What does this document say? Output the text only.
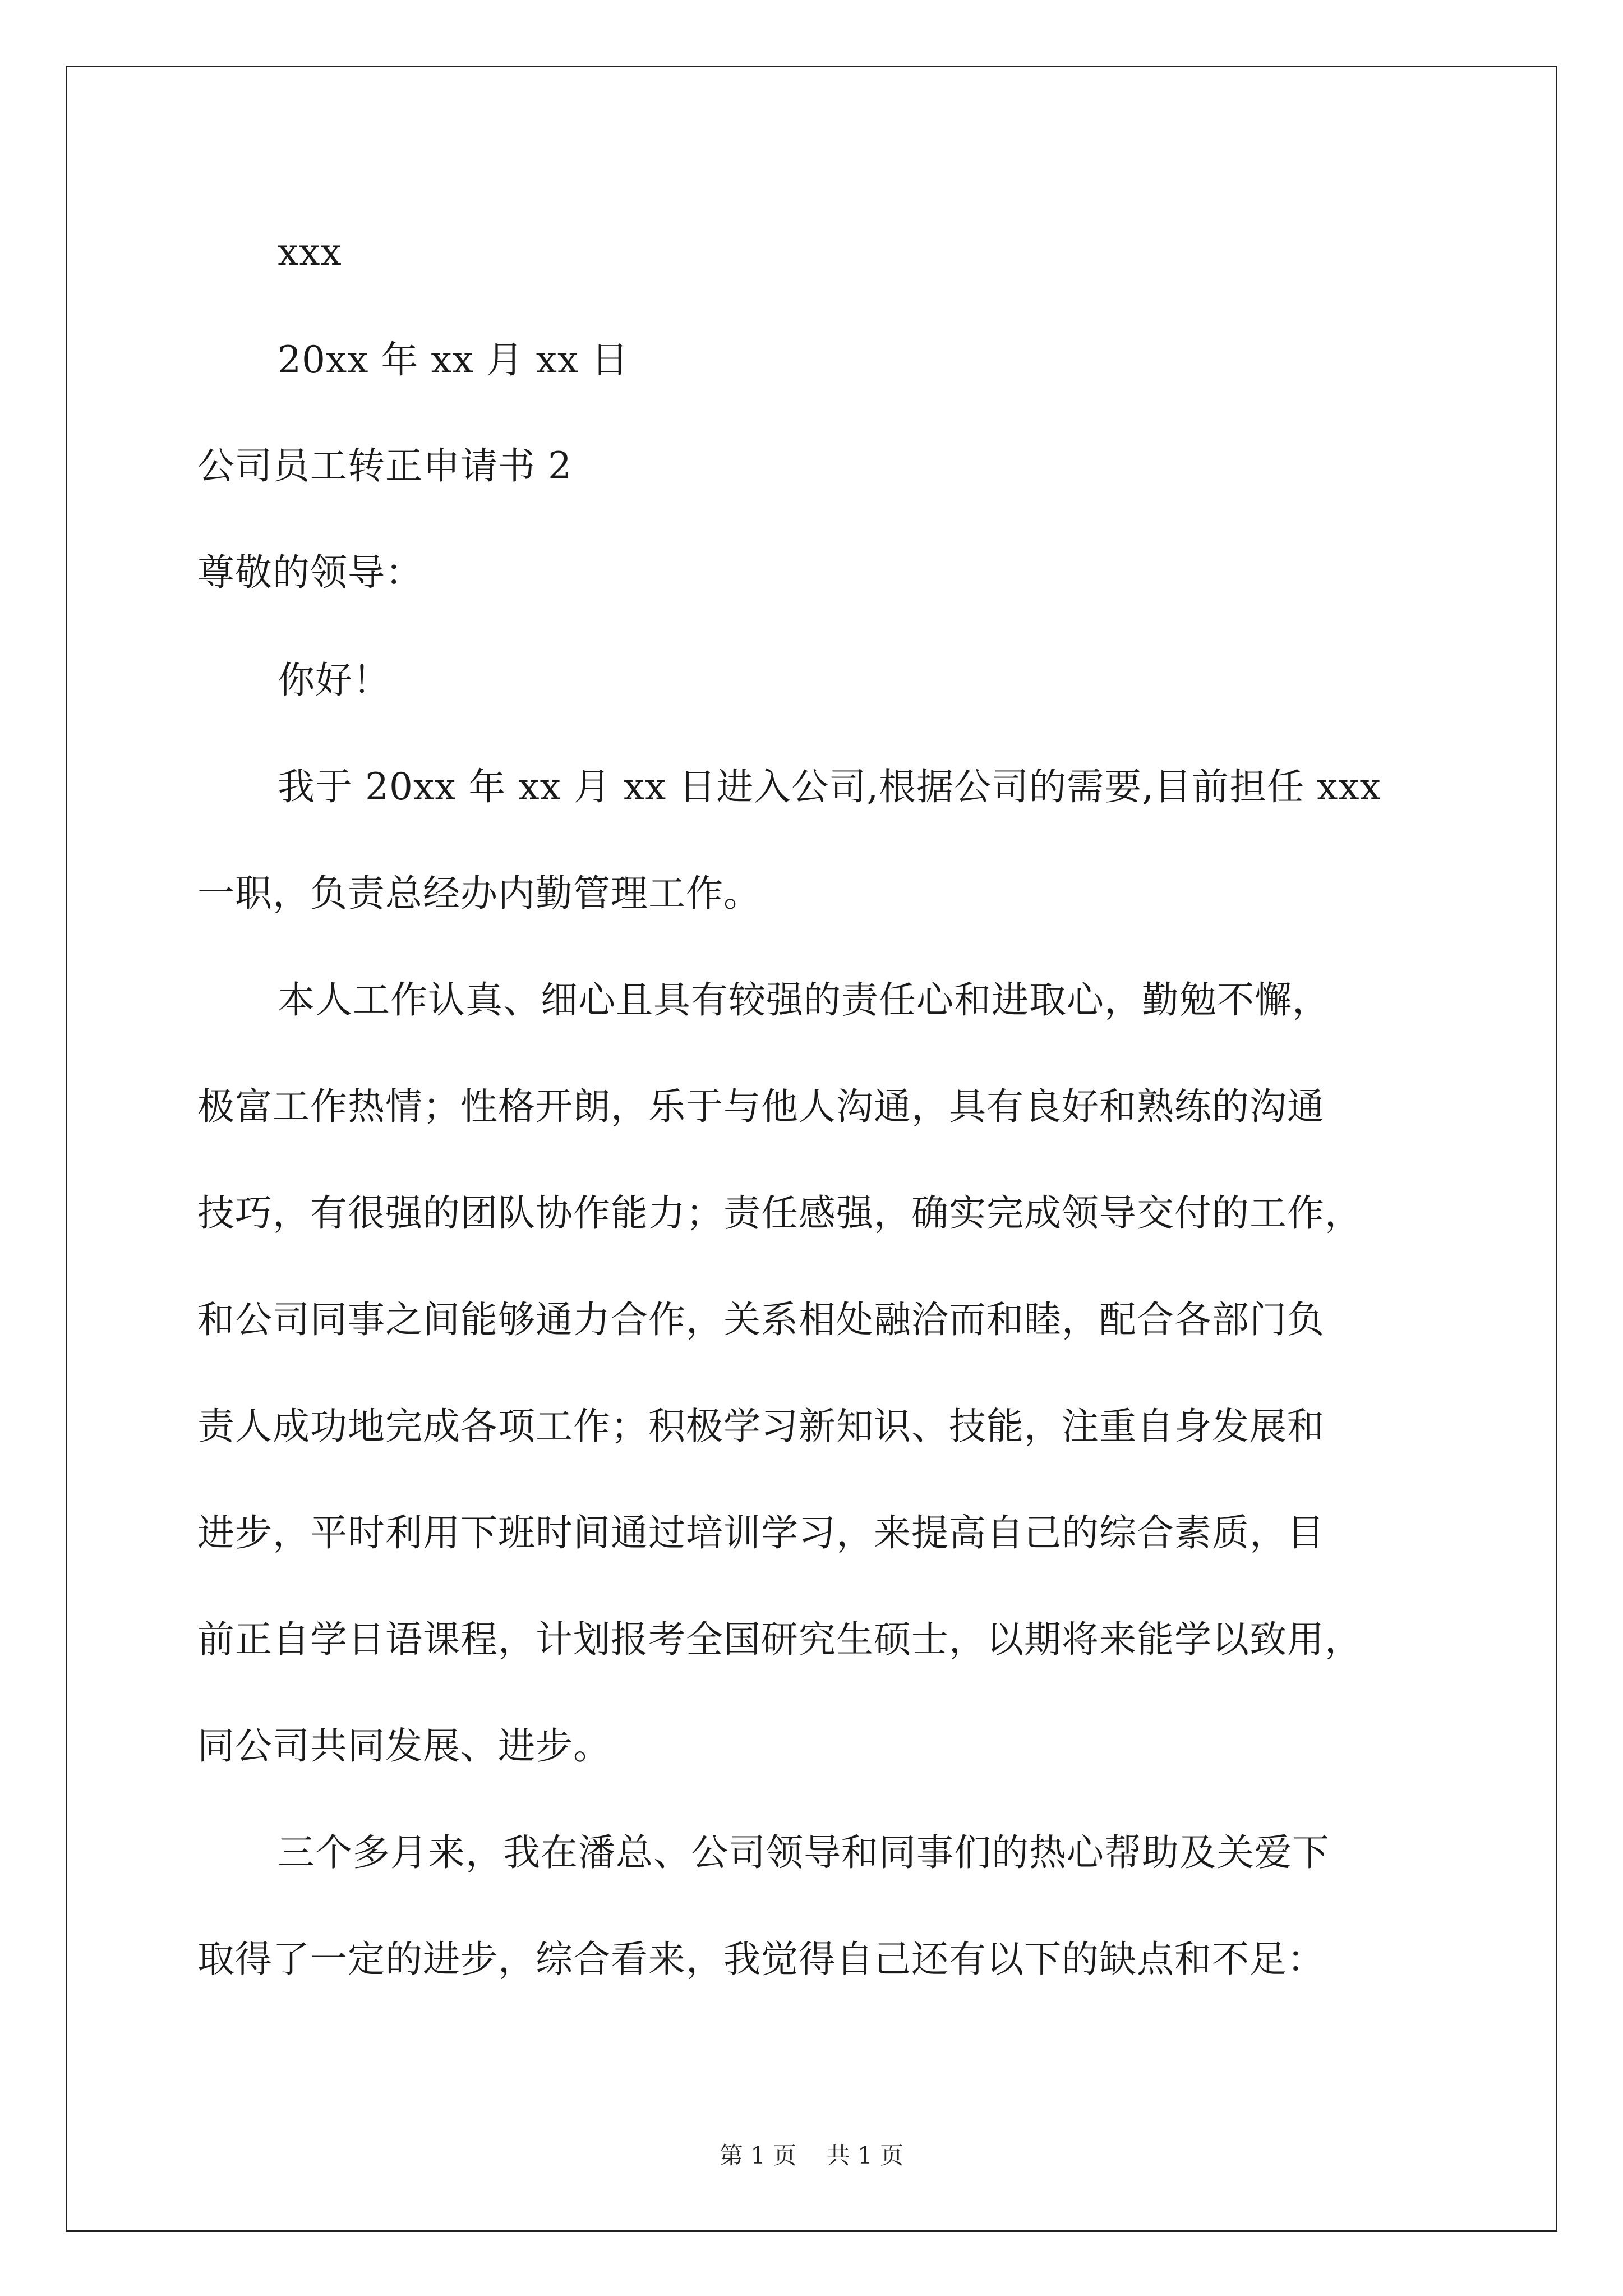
xxx
20xx 年 xx 月 xx 日
公司员工转正申请书 2
尊敬的领导：
你好！
我于 20xx 年 xx 月 xx 日进入公司,根据公司的需要,目前担任 xxx
一职，负责总经办内勤管理工作。
本人工作认真、细心且具有较强的责任心和进取心，勤勉不懈，
极富工作热情；性格开朗，乐于与他人沟通，具有良好和熟练的沟通
技巧，有很强的团队协作能力；责任感强，确实完成领导交付的工作，
和公司同事之间能够通力合作，关系相处融洽而和睦，配合各部门负
责人成功地完成各项工作；积极学习新知识、技能，注重自身发展和
进步，平时利用下班时间通过培训学习，来提高自己的综合素质，目
前正自学日语课程，计划报考全国研究生硕士，以期将来能学以致用，
同公司共同发展、进步。
三个多月来，我在潘总、公司领导和同事们的热心帮助及关爱下
取得了一定的进步，综合看来，我觉得自己还有以下的缺点和不足：
第 1 页    共 1 页
